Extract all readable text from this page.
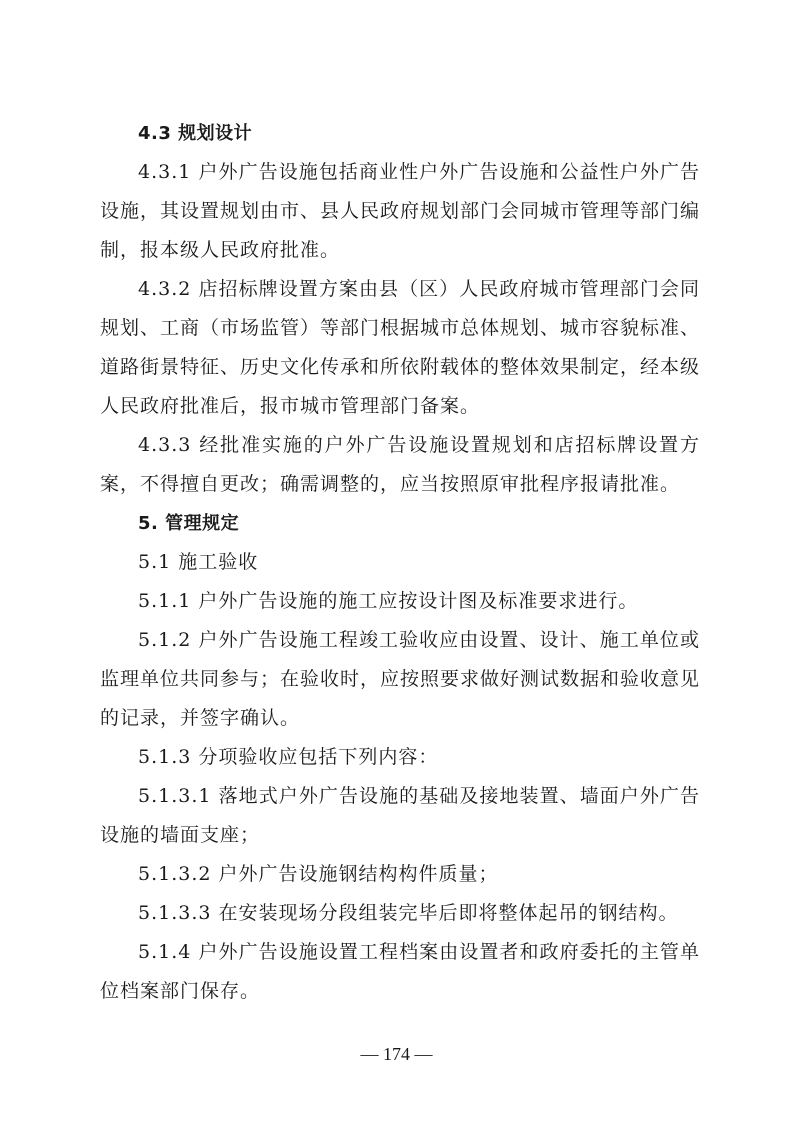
4.3 规划设计

4.3.1 户外广告设施包括商业性户外广告设施和公益性户外广告设施，其设置规划由市、县人民政府规划部门会同城市管理等部门编制，报本级人民政府批准。

4.3.2 店招标牌设置方案由县（区）人民政府城市管理部门会同规划、工商（市场监管）等部门根据城市总体规划、城市容貌标准、道路街景特征、历史文化传承和所依附载体的整体效果制定，经本级人民政府批准后，报市城市管理部门备案。

4.3.3 经批准实施的户外广告设施设置规划和店招标牌设置方案，不得擅自更改；确需调整的，应当按照原审批程序报请批准。

5. 管理规定

5.1 施工验收

5.1.1 户外广告设施的施工应按设计图及标准要求进行。

5.1.2 户外广告设施工程竣工验收应由设置、设计、施工单位或监理单位共同参与；在验收时，应按照要求做好测试数据和验收意见的记录，并签字确认。

5.1.3 分项验收应包括下列内容：

5.1.3.1 落地式户外广告设施的基础及接地装置、墙面户外广告设施的墙面支座；

5.1.3.2 户外广告设施钢结构构件质量；

5.1.3.3 在安装现场分段组装完毕后即将整体起吊的钢结构。

5.1.4 户外广告设施设置工程档案由设置者和政府委托的主管单位档案部门保存。

— 174 —
